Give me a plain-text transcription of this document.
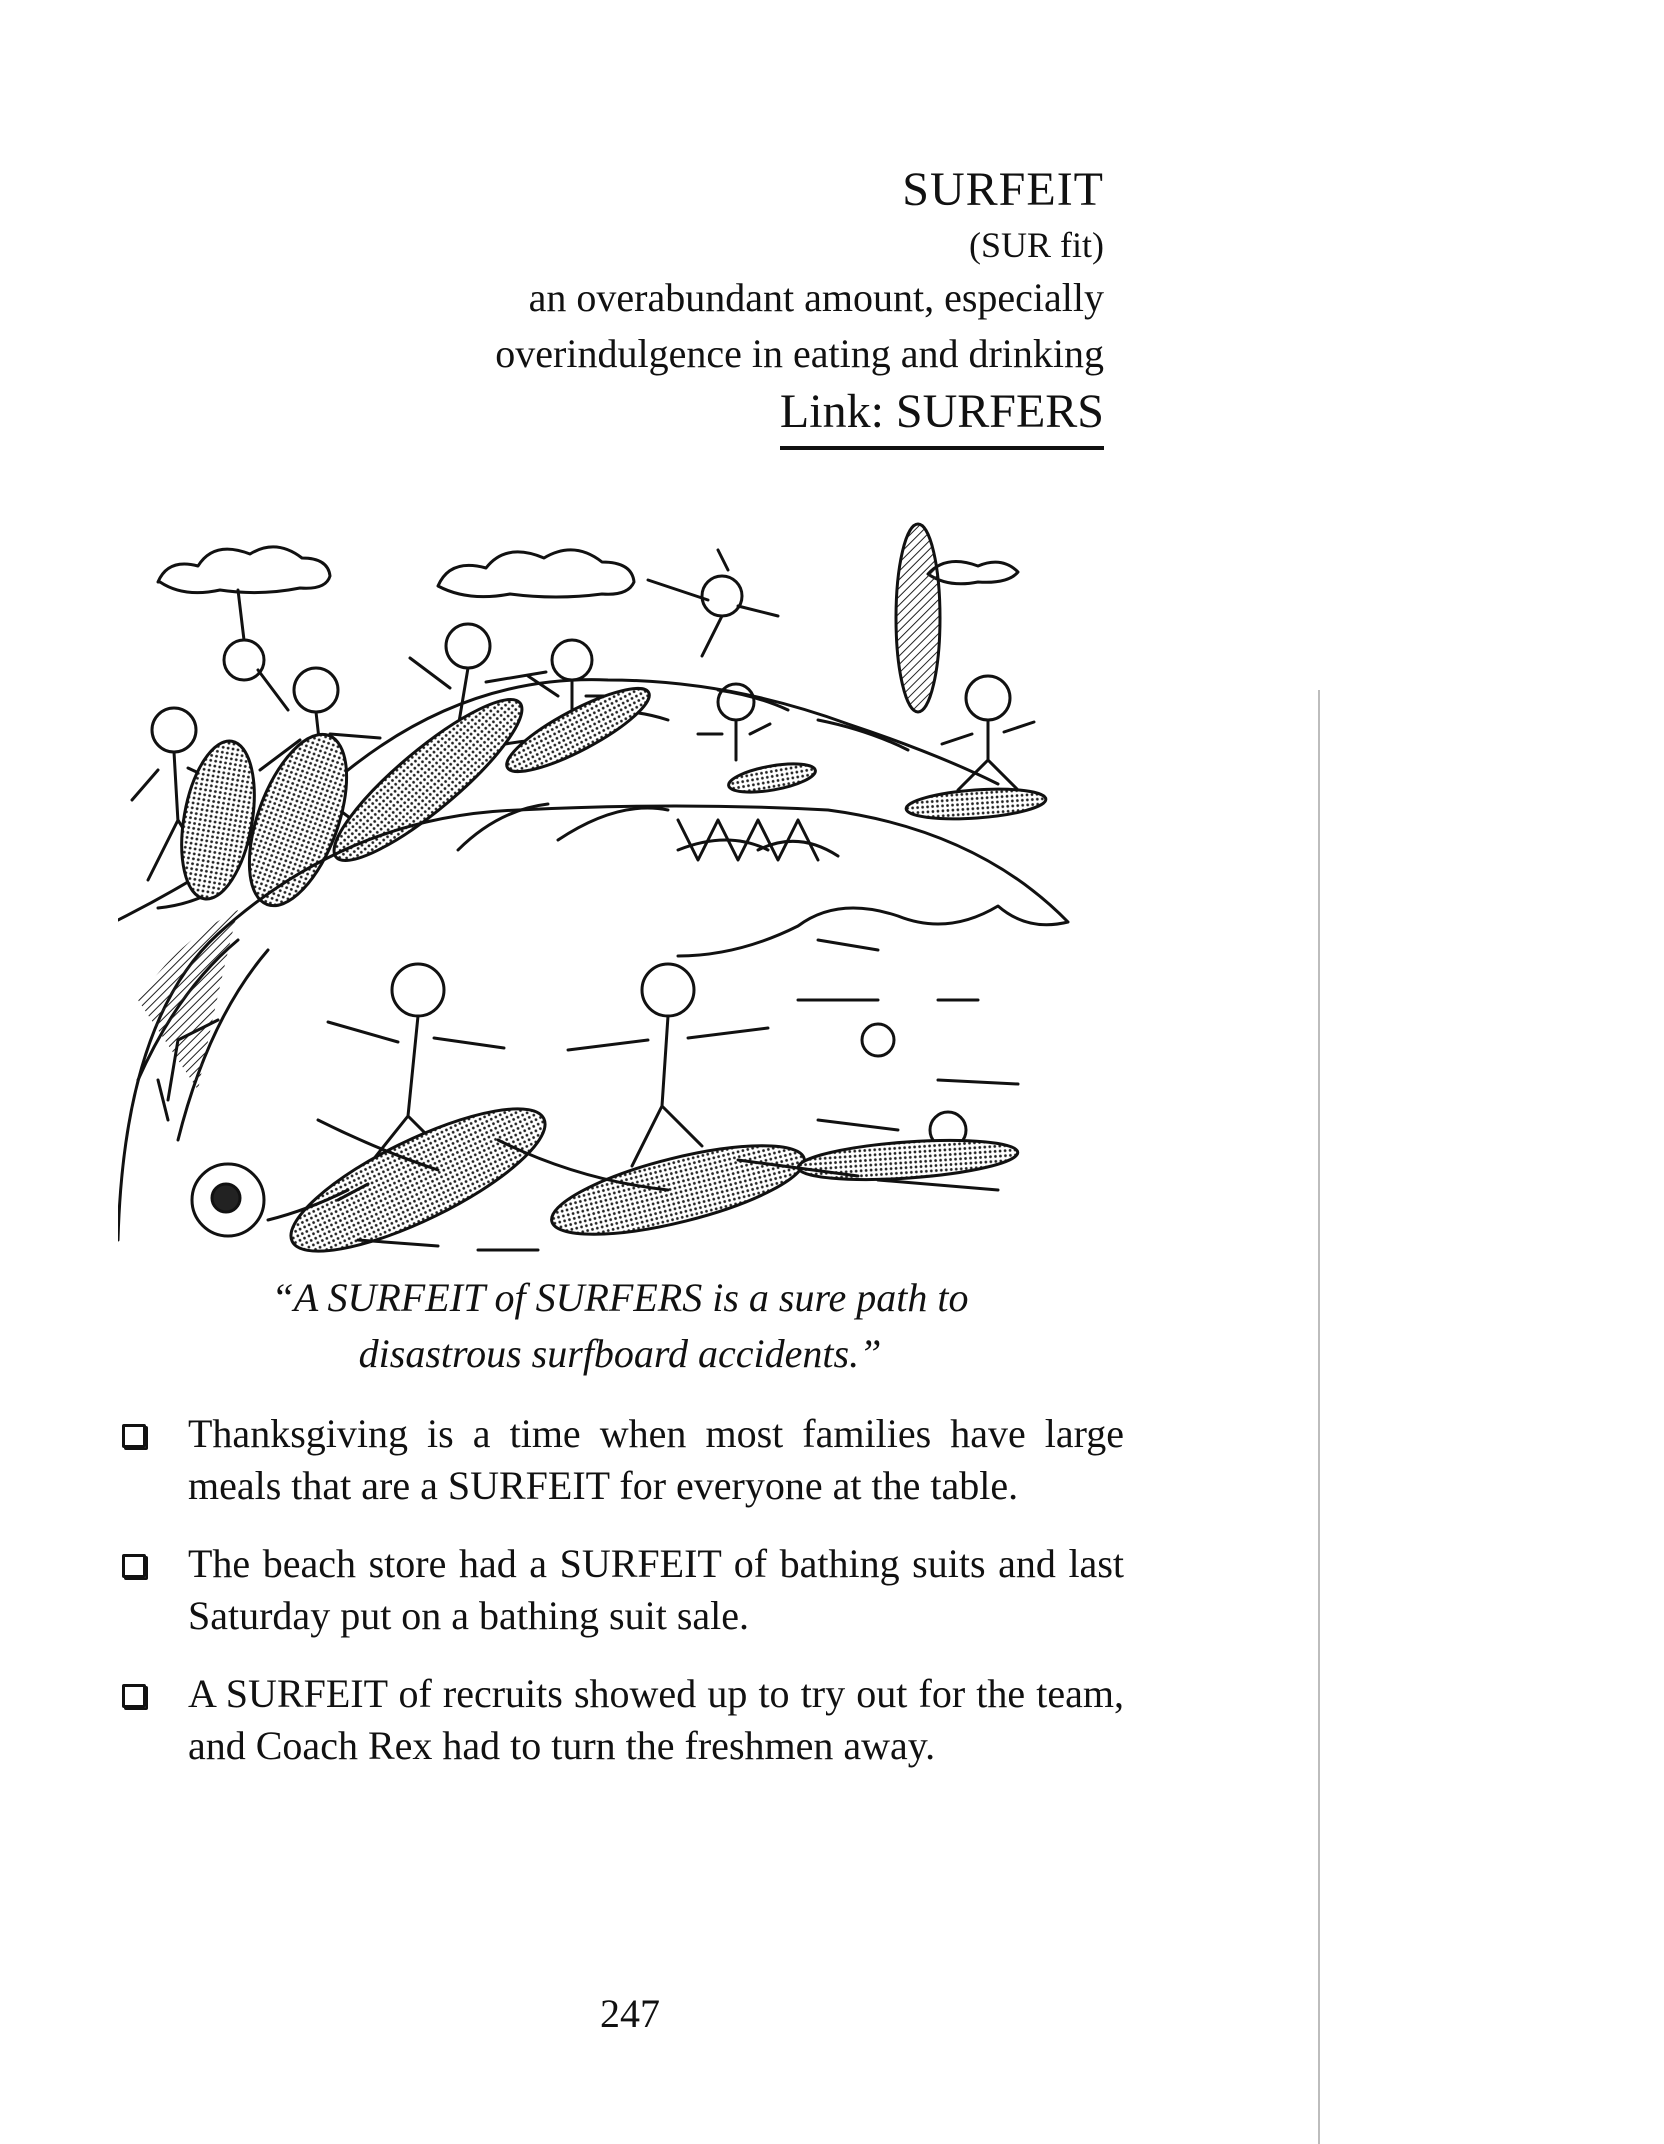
SURFEIT
(SUR fit)
an overabundant amount, especially
overindulgence in eating and drinking
Link: SURFERS
“A SURFEIT of SURFERS is a sure path to
disastrous surfboard accidents.”
Thanksgiving is a time when most families have large meals that are a SURFEIT for everyone at the table.
The beach store had a SURFEIT of bathing suits and last Saturday put on a bathing suit sale.
A SURFEIT of recruits showed up to try out for the team, and Coach Rex had to turn the freshmen away.
247
